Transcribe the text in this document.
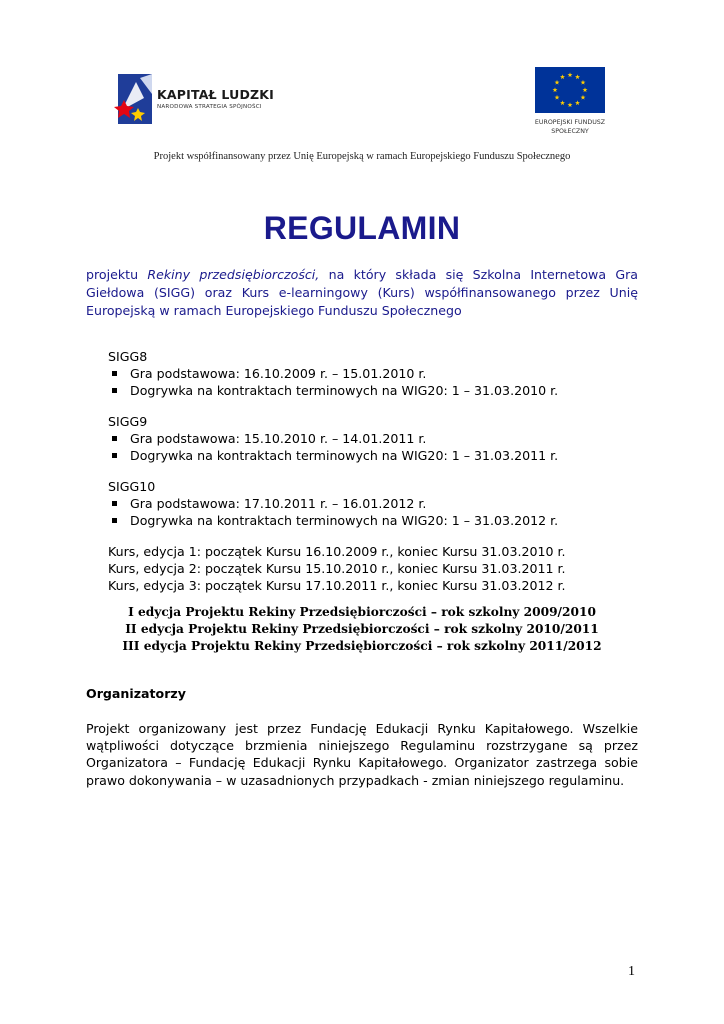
KAPITAŁ LUDZKI
NARODOWA STRATEGIA SPÓJNOŚCI
EUROPEJSKI FUNDUSZ
SPOŁECZNY
Projekt współfinansowany przez Unię Europejską w ramach Europejskiego Funduszu Społecznego
REGULAMIN
projektu Rekiny przedsiębiorczości, na który składa się Szkolna Internetowa Gra Giełdowa (SIGG) oraz Kurs e-learningowy (Kurs) współfinansowanego przez Unię Europejską w ramach Europejskiego Funduszu Społecznego
SIGG8
Gra podstawowa: 16.10.2009 r. – 15.01.2010 r.
Dogrywka na kontraktach terminowych na WIG20: 1 – 31.03.2010 r.
SIGG9
Gra podstawowa: 15.10.2010 r. – 14.01.2011 r.
Dogrywka na kontraktach terminowych na WIG20: 1 – 31.03.2011 r.
SIGG10
Gra podstawowa: 17.10.2011 r. – 16.01.2012 r.
Dogrywka na kontraktach terminowych na WIG20: 1 – 31.03.2012 r.
Kurs, edycja 1: początek Kursu 16.10.2009 r., koniec Kursu 31.03.2010 r.
Kurs, edycja 2: początek Kursu 15.10.2010 r., koniec Kursu 31.03.2011 r.
Kurs, edycja 3: początek Kursu 17.10.2011 r., koniec Kursu 31.03.2012 r.
I edycja Projektu Rekiny Przedsiębiorczości – rok szkolny 2009/2010
II edycja Projektu Rekiny Przedsiębiorczości – rok szkolny 2010/2011
III edycja Projektu Rekiny Przedsiębiorczości – rok szkolny 2011/2012
Organizatorzy
Projekt organizowany jest przez Fundację Edukacji Rynku Kapitałowego. Wszelkie wątpliwości dotyczące brzmienia niniejszego Regulaminu rozstrzygane są przez Organizatora – Fundację Edukacji Rynku Kapitałowego. Organizator zastrzega sobie prawo dokonywania – w uzasadnionych przypadkach - zmian niniejszego regulaminu.
1
